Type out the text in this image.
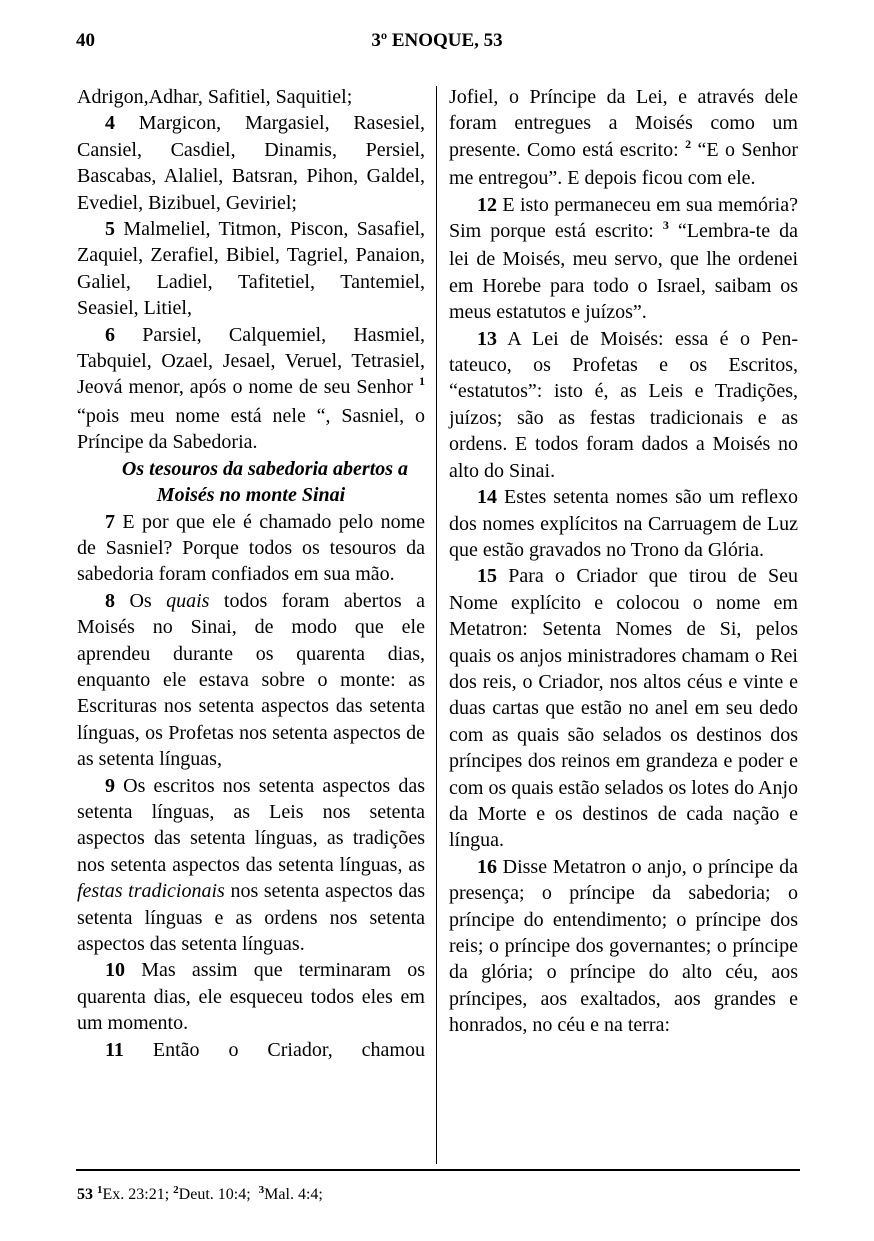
40	3º ENOQUE, 53

Adrigon,Adhar, Safitiel, Saquitiel;

4 Margicon, Margasiel, Rasesiel, Cansiel, Casdiel, Dinamis, Persiel, Bascabas, Alaliel, Batsran, Pihon, Galdel, Evediel, Bizibuel, Geviriel;

5 Malmeliel, Titmon, Piscon, Sasafiel, Zaquiel, Zerafiel, Bibiel, Tagriel, Panaion, Galiel, Ladiel, Tafitetiel, Tantemiel, Seasiel, Litiel,

6 Parsiel, Calquemiel, Hasmiel, Tabquiel, Ozael, Jesael, Veruel, Tetrasiel, Jeová menor, após o nome de seu Senhor $^1$ “pois meu nome está nele “, Sasniel, o Príncipe da Sabedoria.

Os tesouros da sabedoria abertos a
Moisés no monte Sinai

7 E por que ele é chamado pelo nome de Sasniel? Porque todos os tesouros da sabedoria foram confiados em sua mão.

8 Os quais todos foram abertos a Moisés no Sinai, de modo que ele aprendeu durante os quarenta dias, enquanto ele estava sobre o monte: as Escrituras nos setenta aspectos das setenta línguas, os Profetas nos setenta aspectos de as setenta línguas,

9 Os escritos nos setenta aspectos das setenta línguas, as Leis nos setenta aspectos das setenta línguas, as tradições nos setenta aspectos das setenta línguas, as festas tradicionais nos setenta aspectos das setenta línguas e as ordens nos setenta aspectos das setenta línguas.

10 Mas assim que terminaram os quarenta dias, ele esqueceu todos eles em um momento.

11 Então o Criador, chamou

Jofiel, o Príncipe da Lei, e através dele foram entregues a Moisés como um presente. Como está escrito: $^2$ “E o Senhor me entregou”. E depois ficou com ele.

12 E isto permaneceu em sua memória? Sim porque está escrito: $^3$ “Lembra-te da lei de Moisés, meu servo, que lhe ordenei em Horebe para todo o Israel, saibam os meus estatutos e juízos”.

13 A Lei de Moisés: essa é o Pentateuco, os Profetas e os Escritos, “estatutos”: isto é, as Leis e Tradições, juízos; são as festas tradicionais e as ordens. E todos foram dados a Moisés no alto do Sinai.

14 Estes setenta nomes são um reflexo dos nomes explícitos na Carruagem de Luz que estão gravados no Trono da Glória.

15 Para o Criador que tirou de Seu Nome explícito e colocou o nome em Metatron: Setenta Nomes de Si, pelos quais os anjos ministradores chamam o Rei dos reis, o Criador, nos altos céus e vinte e duas cartas que estão no anel em seu dedo com as quais são selados os destinos dos príncipes dos reinos em grandeza e poder e com os quais estão selados os lotes do Anjo da Morte e os destinos de cada nação e língua.

16 Disse Metatron o anjo, o príncipe da presença; o príncipe da sabedoria; o príncipe do entendimento; o príncipe dos reis; o príncipe dos governantes; o príncipe da glória; o príncipe do alto céu, aos príncipes, aos exaltados, aos grandes e honrados, no céu e na terra:

53 $^1$Ex. 23:21; $^2$Deut. 10:4; $^3$Mal. 4:4;
